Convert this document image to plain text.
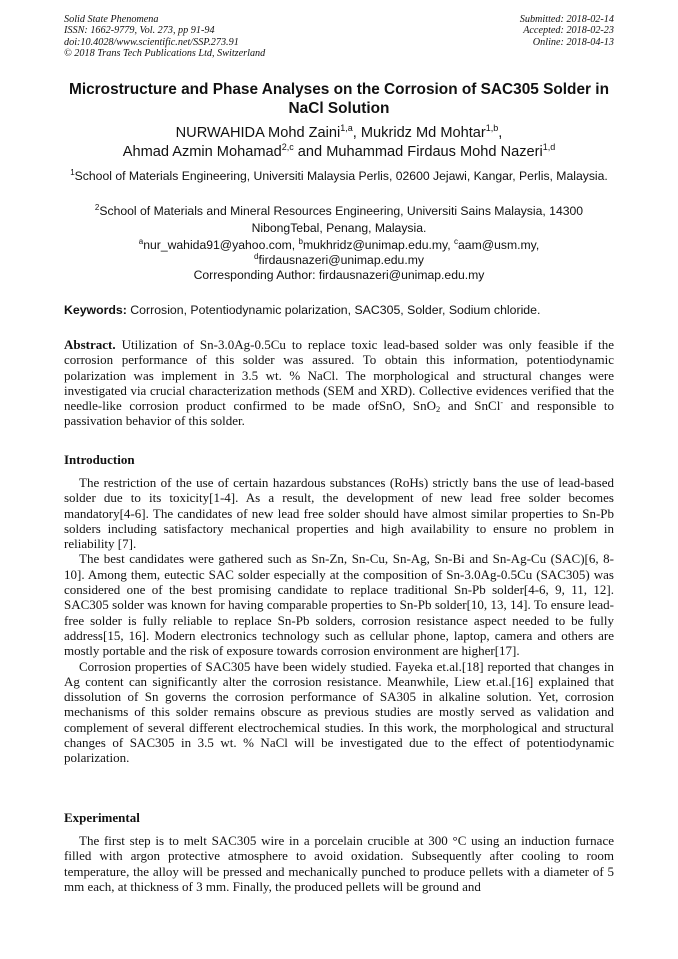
Solid State Phenomena
ISSN: 1662-9779, Vol. 273, pp 91-94
doi:10.4028/www.scientific.net/SSP.273.91
© 2018 Trans Tech Publications Ltd, Switzerland
Submitted: 2018-02-14
Accepted: 2018-02-23
Online: 2018-04-13
Microstructure and Phase Analyses on the Corrosion of SAC305 Solder in NaCl Solution
NURWAHIDA Mohd Zaini$^{1,a}$, Mukridz Md Mohtar$^{1,b}$,
Ahmad Azmin Mohamad$^{2,c}$ and Muhammad Firdaus Mohd Nazeri$^{1,d}$
$^1$School of Materials Engineering, Universiti Malaysia Perlis, 02600 Jejawi, Kangar, Perlis, Malaysia.
$^2$School of Materials and Mineral Resources Engineering, Universiti Sains Malaysia, 14300 NibongTebal, Penang, Malaysia.
$^a$nur_wahida91@yahoo.com, $^b$mukhridz@unimap.edu.my, $^c$aam@usm.my,
$^d$firdausnazeri@unimap.edu.my
Corresponding Author: firdausnazeri@unimap.edu.my
Keywords: Corrosion, Potentiodynamic polarization, SAC305, Solder, Sodium chloride.
Abstract. Utilization of Sn-3.0Ag-0.5Cu to replace toxic lead-based solder was only feasible if the corrosion performance of this solder was assured. To obtain this information, potentiodynamic polarization was implement in 3.5 wt. % NaCl. The morphological and structural changes were investigated via crucial characterization methods (SEM and XRD). Collective evidences verified that the needle-like corrosion product confirmed to be made ofSnO, SnO$_2$ and SnCl- and responsible to passivation behavior of this solder.
Introduction

The restriction of the use of certain hazardous substances (RoHs) strictly bans the use of lead-based solder due to its toxicity[1-4]. As a result, the development of new lead free solder becomes mandatory[4-6]. The candidates of new lead free solder should have almost similar properties to Sn-Pb solders including satisfactory mechanical properties and high availability to ensure no problem in reliability [7].

The best candidates were gathered such as Sn-Zn, Sn-Cu, Sn-Ag, Sn-Bi and Sn-Ag-Cu (SAC)[6, 8-10]. Among them, eutectic SAC solder especially at the composition of Sn-3.0Ag-0.5Cu (SAC305) was considered one of the best promising candidate to replace traditional Sn-Pb solder[4-6, 9, 11, 12]. SAC305 solder was known for having comparable properties to Sn-Pb solder[10, 13, 14]. To ensure lead-free solder is fully reliable to replace Sn-Pb solders, corrosion resistance aspect needed to be fully address[15, 16]. Modern electronics technology such as cellular phone, laptop, camera and others are mostly portable and the risk of exposure towards corrosion environment are higher[17].

Corrosion properties of SAC305 have been widely studied. Fayeka et.al.[18] reported that changes in Ag content can significantly alter the corrosion resistance. Meanwhile, Liew et.al.[16] explained that dissolution of Sn governs the corrosion performance of SA305 in alkaline solution. Yet, corrosion mechanisms of this solder remains obscure as previous studies are mostly served as validation and complement of several different electrochemical studies. In this work, the morphological and structural changes of SAC305 in 3.5 wt. % NaCl will be investigated due to the effect of potentiodynamic polarization.

Experimental

The first step is to melt SAC305 wire in a porcelain crucible at 300 °C using an induction furnace filled with argon protective atmosphere to avoid oxidation. Subsequently after cooling to room temperature, the alloy will be pressed and mechanically punched to produce pellets with a diameter of 5 mm each, at thickness of 3 mm. Finally, the produced pellets will be ground and
